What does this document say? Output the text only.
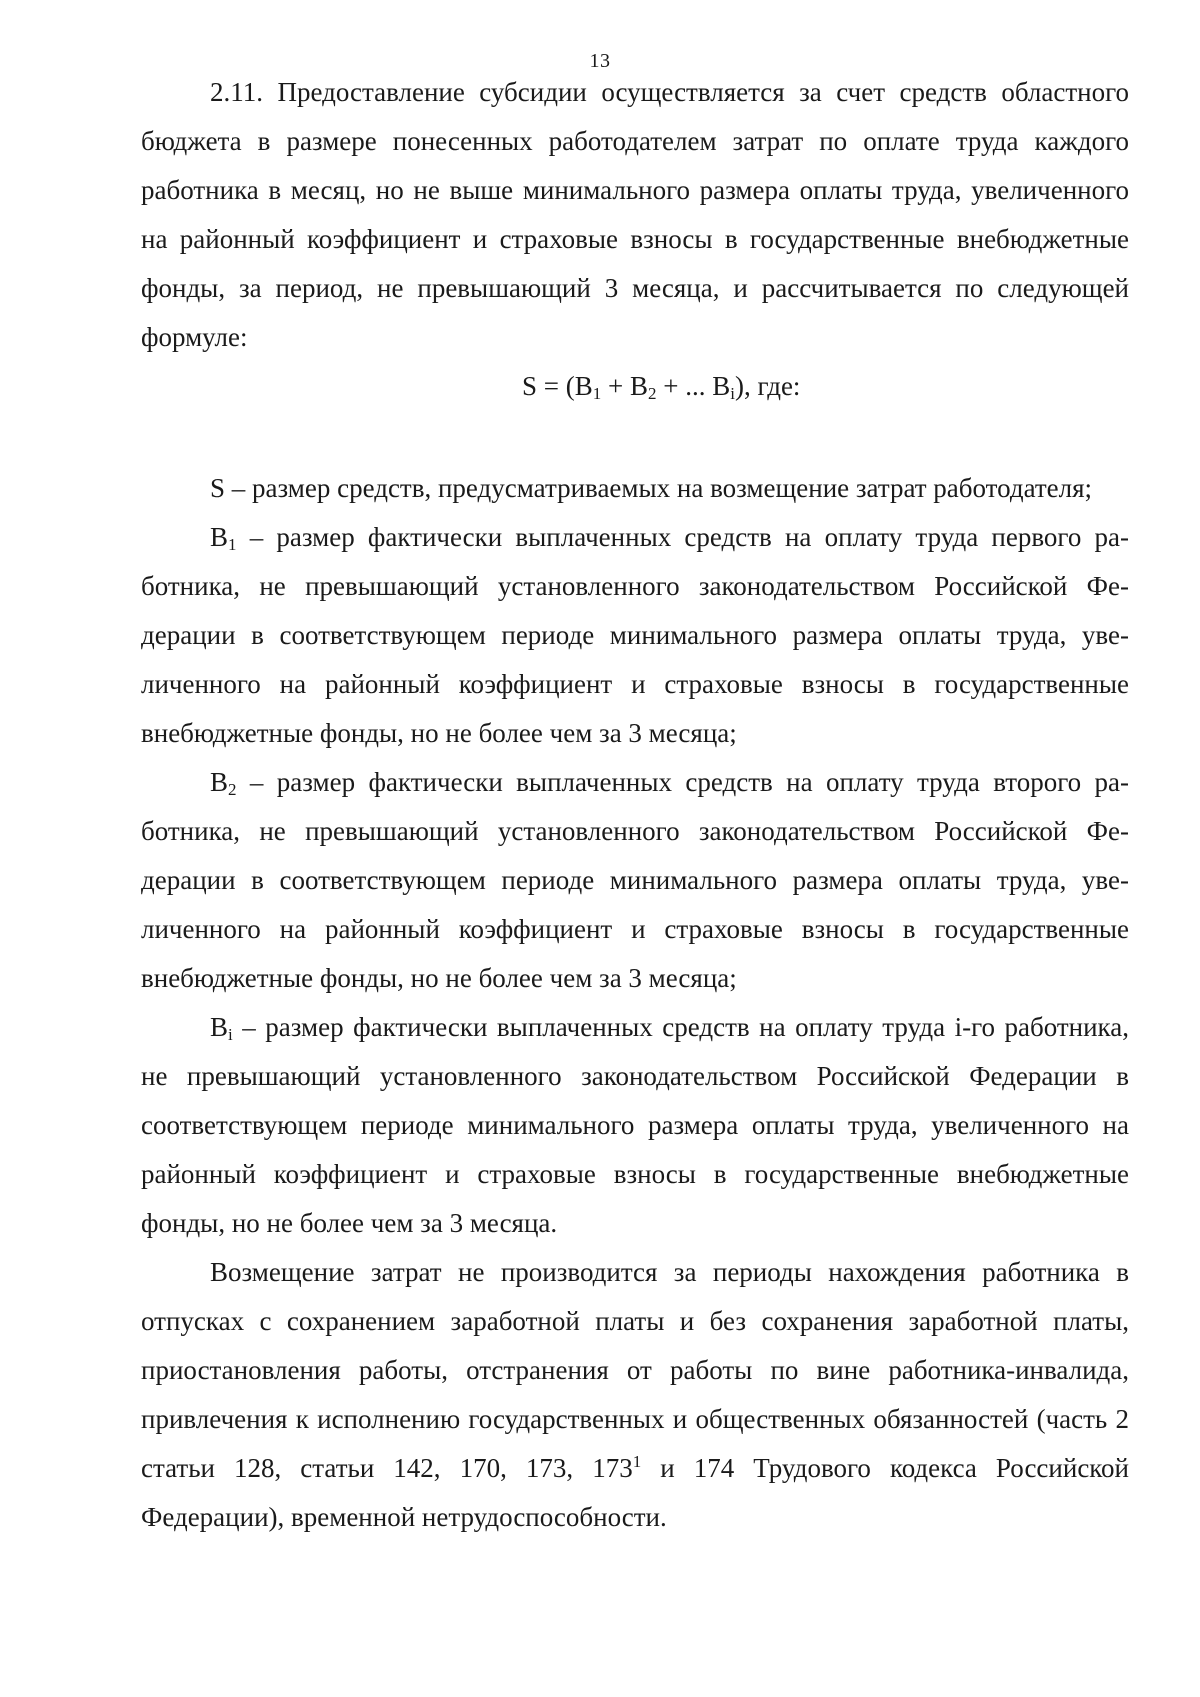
13

2.11. Предоставление субсидии осуществляется за счет средств областного бюджета в размере понесенных работодателем затрат по оплате труда каждого работника в месяц, но не выше минимального размера оплаты труда, увеличенного на районный коэффициент и страховые взносы в государственные внебюджетные фонды, за период, не превышающий 3 месяца, и рассчитывается по следующей формуле:

$S = (B_1 + B_2$ + ... $B_i$), где:

S – размер средств, предусматриваемых на возмещение затрат работодателя;

$B_1$ – размер фактически выплаченных средств на оплату труда первого работника, не превышающий установленного законодательством Российской Федерации в соответствующем периоде минимального размера оплаты труда, увеличенного на районный коэффициент и страховые взносы в государственные внебюджетные фонды, но не более чем за 3 месяца;

$B_2$ – размер фактически выплаченных средств на оплату труда второго работника, не превышающий установленного законодательством Российской Федерации в соответствующем периоде минимального размера оплаты труда, увеличенного на районный коэффициент и страховые взносы в государственные внебюджетные фонды, но не более чем за 3 месяца;

$B_i$ – размер фактически выплаченных средств на оплату труда i-го работника, не превышающий установленного законодательством Российской Федерации в соответствующем периоде минимального размера оплаты труда, увеличенного на районный коэффициент и страховые взносы в государственные внебюджетные фонды, но не более чем за 3 месяца.

Возмещение затрат не производится за периоды нахождения работника в отпусках с сохранением заработной платы и без сохранения заработной платы, приостановления работы, отстранения от работы по вине работника-инвалида, привлечения к исполнению государственных и общественных обязанностей (часть 2 статьи 128, статьи 142, 170, 173, $173^1$ и 174 Трудового кодекса Российской Федерации), временной нетрудоспособности.
